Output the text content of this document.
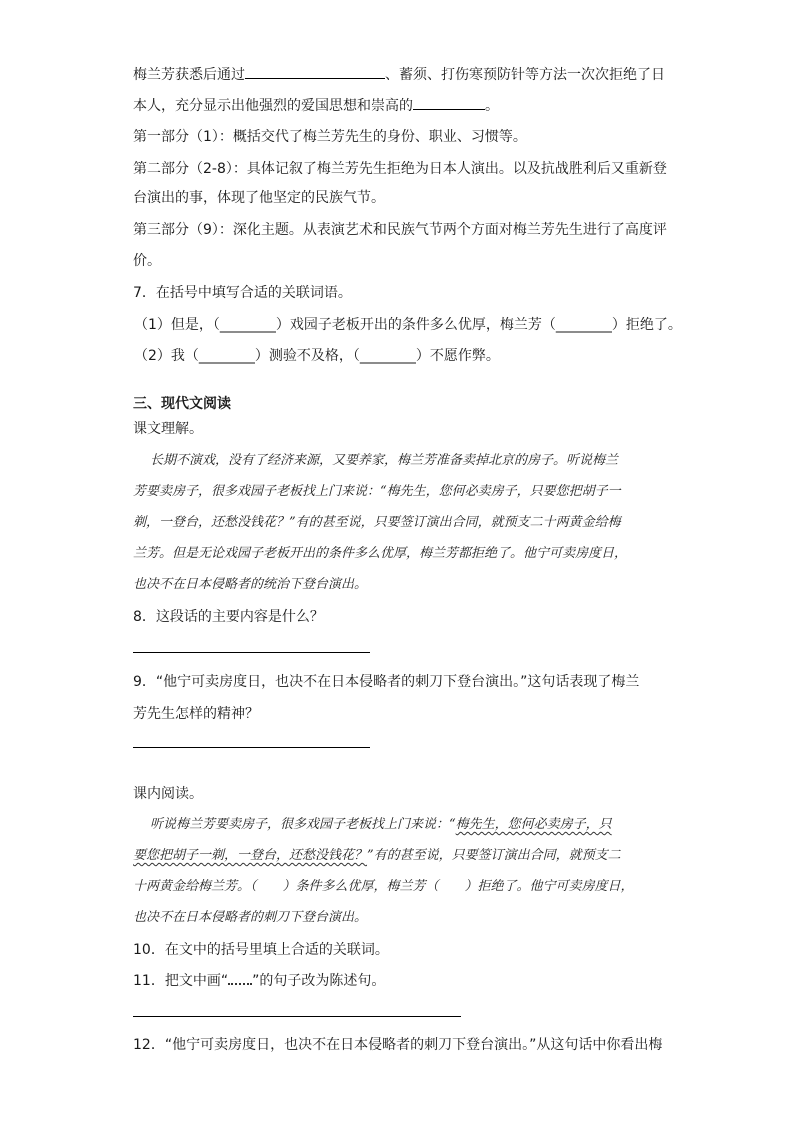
梅兰芳获悉后通过	、蓄须、打伤寒预防针等方法一次次拒绝了日
本人，充分显示出他强烈的爱国思想和崇高的	。
第一部分（1）：概括交代了梅兰芳先生的身份、职业、习惯等。
第二部分（2-8）：具体记叙了梅兰芳先生拒绝为日本人演出。以及抗战胜利后又重新登
台演出的事，体现了他坚定的民族气节。
第三部分（9）：深化主题。从表演艺术和民族气节两个方面对梅兰芳先生进行了高度评
价。
7．在括号中填写合适的关联词语。
（1）但是，（________）戏园子老板开出的条件多么优厚，梅兰芳（________）拒绝了。
（2）我（________）测验不及格，（________）不愿作弊。
三、现代文阅读
课文理解。
长期不演戏，没有了经济来源，又要养家，梅兰芳准备卖掉北京的房子。听说梅兰
芳要卖房子，很多戏园子老板找上门来说：“梅先生，您何必卖房子，只要您把胡子一
剃，一登台，还愁没钱花？”有的甚至说，只要签订演出合同，就预支二十两黄金给梅
兰芳。但是无论戏园子老板开出的条件多么优厚，梅兰芳都拒绝了。他宁可卖房度日，
也决不在日本侵略者的统治下登台演出。
8．这段话的主要内容是什么？
9．“他宁可卖房度日，也决不在日本侵略者的刺刀下登台演出。”这句话表现了梅兰
芳先生怎样的精神？
课内阅读。
听说梅兰芳要卖房子，很多戏园子老板找上门来说：“梅先生，您何必卖房子，只
要您把胡子一剃，一登台，还愁没钱花？”有的甚至说，只要签订演出合同，就预支二
十两黄金给梅兰芳。（　　）条件多么优厚，梅兰芳（　　）拒绝了。他宁可卖房度日，
也决不在日本侵略者的刺刀下登台演出。
10．在文中的括号里填上合适的关联词。
11．把文中画“ ”的句子改为陈述句。
12．“他宁可卖房度日，也决不在日本侵略者的刺刀下登台演出。”从这句话中你看出梅
